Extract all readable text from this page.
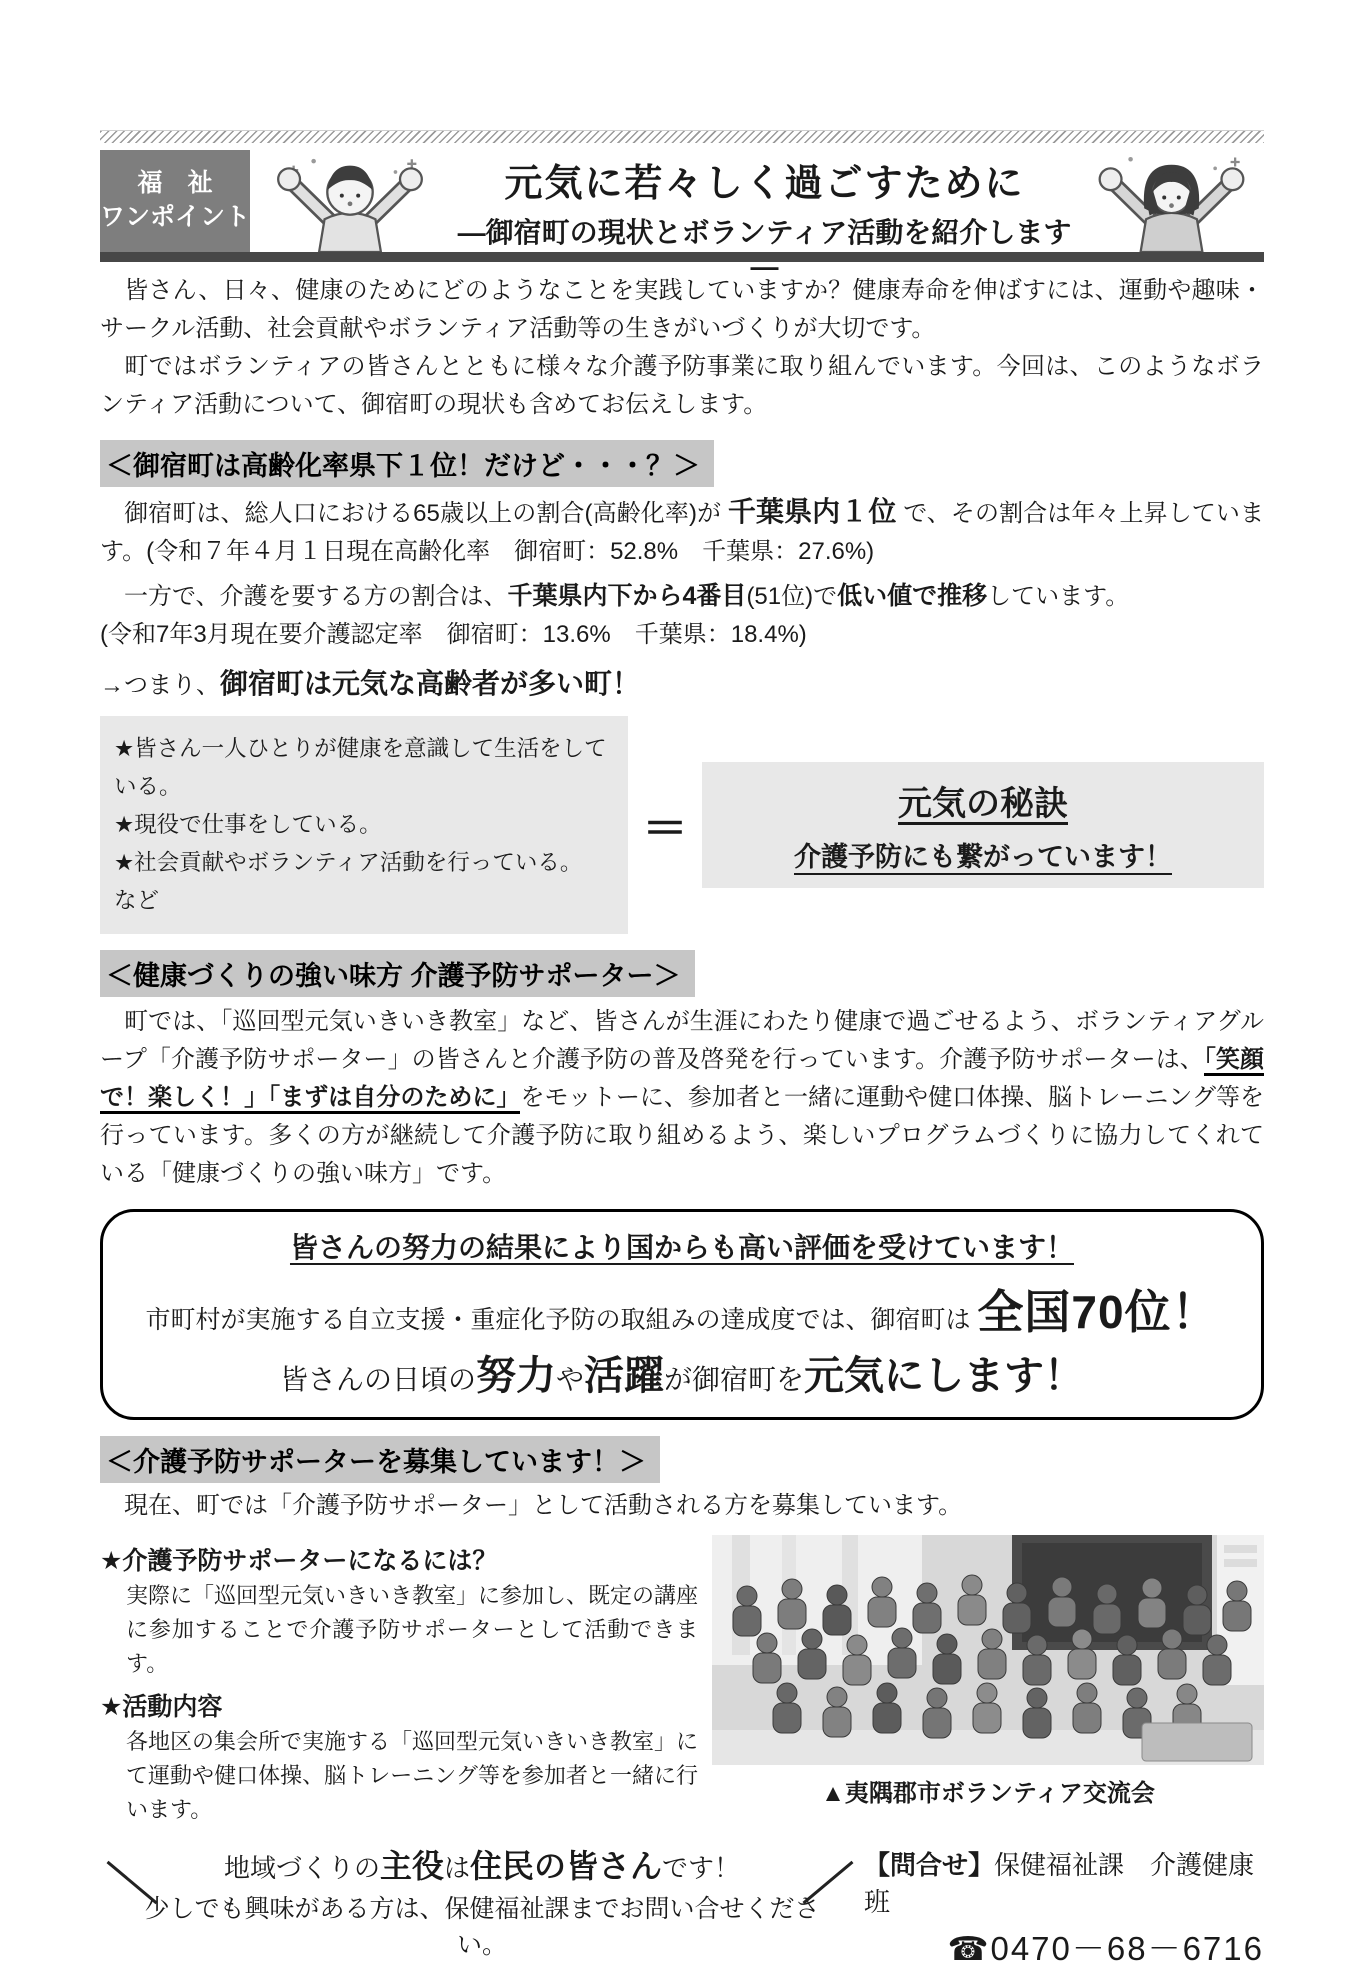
福　祉
ワンポイント
元気に若々しく過ごすために
―御宿町の現状とボランティア活動を紹介します―
　皆さん、日々、健康のためにどのようなことを実践していますか？健康寿命を伸ばすには、運動や趣味・サークル活動、社会貢献やボランティア活動等の生きがいづくりが大切です。
　町ではボランティアの皆さんとともに様々な介護予防事業に取り組んでいます。今回は、このようなボランティア活動について、御宿町の現状も含めてお伝えします。
＜御宿町は高齢化率県下１位！だけど・・・？＞
　御宿町は、総人口における65歳以上の割合(高齢化率)が 千葉県内１位 で、その割合は年々上昇しています。(令和７年４月１日現在高齢化率　御宿町：52.8%　千葉県：27.6%)
　一方で、介護を要する方の割合は、千葉県内下から4番目(51位)で低い値で推移しています。
(令和7年3月現在要介護認定率　御宿町：13.6%　千葉県：18.4%)
→つまり、御宿町は元気な高齢者が多い町！
★皆さん一人ひとりが健康を意識して生活をしている。
★現役で仕事をしている。
★社会貢献やボランティア活動を行っている。　など
＝	元気の秘訣
介護予防にも繋がっています！
＜健康づくりの強い味方 介護予防サポーター＞
　町では、「巡回型元気いきいき教室」など、皆さんが生涯にわたり健康で過ごせるよう、ボランティアグループ「介護予防サポーター」の皆さんと介護予防の普及啓発を行っています。介護予防サポーターは、「笑顔で！楽しく！」「まずは自分のために」をモットーに、参加者と一緒に運動や健口体操、脳トレーニング等を行っています。多くの方が継続して介護予防に取り組めるよう、楽しいプログラムづくりに協力してくれている「健康づくりの強い味方」です。
皆さんの努力の結果により国からも高い評価を受けています！
市町村が実施する自立支援・重症化予防の取組みの達成度では、御宿町は 全国70位！
皆さんの日頃の努力や活躍が御宿町を元気にします！
＜介護予防サポーターを募集しています！＞
　現在、町では「介護予防サポーター」として活動される方を募集しています。
★介護予防サポーターになるには？
実際に「巡回型元気いきいき教室」に参加し、既定の講座に参加することで介護予防サポーターとして活動できます。
★活動内容
各地区の集会所で実施する「巡回型元気いきいき教室」にて運動や健口体操、脳トレーニング等を参加者と一緒に行います。
▲夷隅郡市ボランティア交流会
地域づくりの主役は住民の皆さんです！
少しでも興味がある方は、保健福祉課までお問い合せください。
【問合せ】保健福祉課　介護健康班
☎0470－68－6716
